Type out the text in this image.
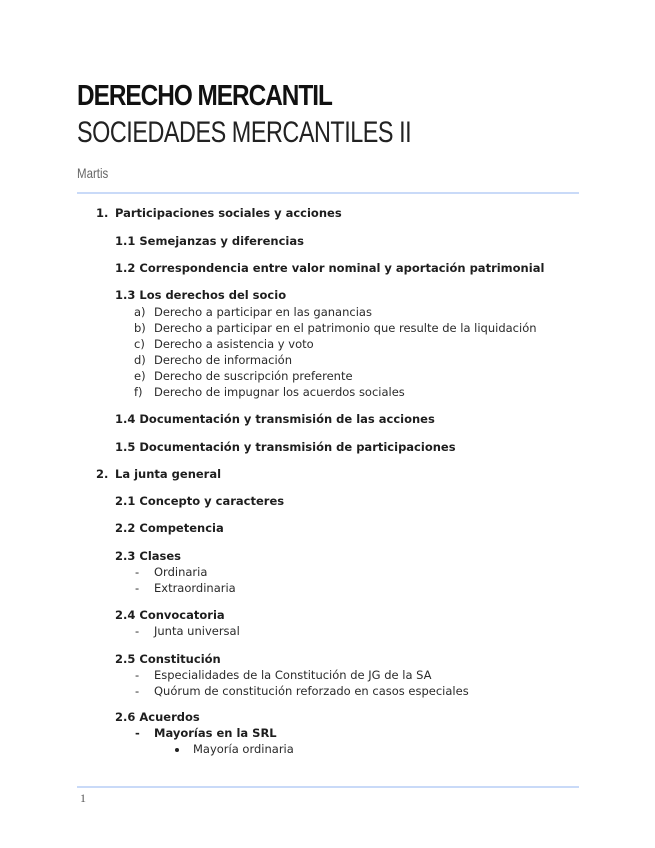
DERECHO MERCANTIL
SOCIEDADES MERCANTILES II
Martis
1. Participaciones sociales y acciones
1.1 Semejanzas y diferencias
1.2 Correspondencia entre valor nominal y aportación patrimonial
1.3 Los derechos del socio
a) Derecho a participar en las ganancias
b) Derecho a participar en el patrimonio que resulte de la liquidación
c) Derecho a asistencia y voto
d) Derecho de información
e) Derecho de suscripción preferente
f) Derecho de impugnar los acuerdos sociales
1.4 Documentación y transmisión de las acciones
1.5 Documentación y transmisión de participaciones
2. La junta general
2.1 Concepto y caracteres
2.2 Competencia
2.3 Clases
- Ordinaria
- Extraordinaria
2.4 Convocatoria
- Junta universal
2.5 Constitución
- Especialidades de la Constitución de JG de la SA
- Quórum de constitución reforzado en casos especiales
2.6 Acuerdos
- Mayorías en la SRL
Mayoría ordinaria
1
